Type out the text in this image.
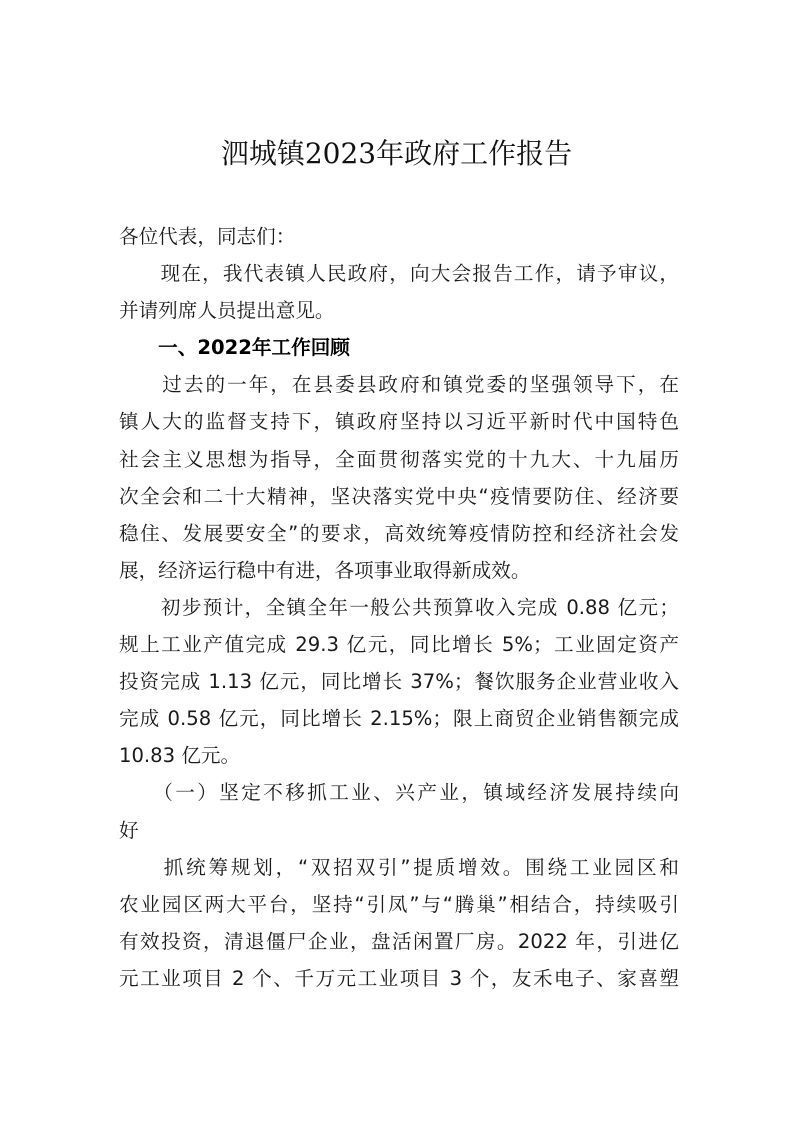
泗城镇2023年政府工作报告
各位代表，同志们：
　　现在，我代表镇人民政府，向大会报告工作，请予审议，
并请列席人员提出意见。
　　一、2022年工作回顾
　　过去的一年，在县委县政府和镇党委的坚强领导下，在
镇人大的监督支持下，镇政府坚持以习近平新时代中国特色
社会主义思想为指导，全面贯彻落实党的十九大、十九届历
次全会和二十大精神，坚决落实党中央“疫情要防住、经济要
稳住、发展要安全”的要求，高效统筹疫情防控和经济社会发
展，经济运行稳中有进，各项事业取得新成效。
　　初步预计，全镇全年一般公共预算收入完成 0.88 亿元；
规上工业产值完成 29.3 亿元，同比增长 5%；工业固定资产
投资完成 1.13 亿元，同比增长 37%；餐饮服务企业营业收入
完成 0.58 亿元，同比增长 2.15%；限上商贸企业销售额完成
10.83 亿元。
　　（一）坚定不移抓工业、兴产业，镇域经济发展持续向
好
　　抓统筹规划，“双招双引”提质增效。围绕工业园区和
农业园区两大平台，坚持“引凤”与“腾巢”相结合，持续吸引
有效投资，清退僵尸企业，盘活闲置厂房。2022 年，引进亿
元工业项目 2 个、千万元工业项目 3 个，友禾电子、家喜塑
